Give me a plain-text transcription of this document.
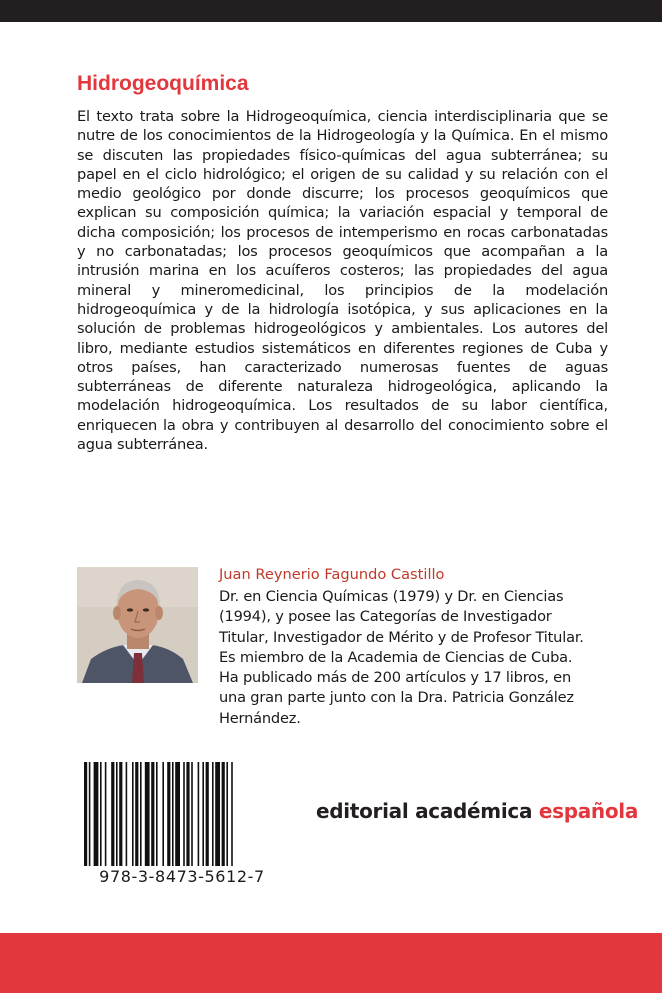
Hidrogeoquímica

El texto trata sobre la Hidrogeoquímica, ciencia interdisciplinaria que se nutre de los conocimientos de la Hidrogeología y la Química. En el mismo se discuten las propiedades físico-químicas del agua subterránea; su papel en el ciclo hidrológico; el origen de su calidad y su relación con el medio geológico por donde discurre; los procesos geoquímicos que explican su composición química; la variación espacial y temporal de dicha composición; los procesos de intemperismo en rocas carbonatadas y no carbonatadas; los procesos geoquímicos que acompañan a la intrusión marina en los acuíferos costeros; las propiedades del agua mineral y mineromedicinal, los principios de la modelación hidrogeoquímica y de la hidrología isotópica, y sus aplicaciones en la solución de problemas hidrogeológicos y ambientales. Los autores del libro, mediante estudios sistemáticos en diferentes regiones de Cuba y otros países, han caracterizado numerosas fuentes de aguas subterráneas de diferente naturaleza hidrogeológica, aplicando la modelación hidrogeoquímica. Los resultados de su labor científica, enriquecen la obra y contribuyen al desarrollo del conocimiento sobre el agua subterránea.

Juan Reynerio Fagundo Castillo
Dr. en Ciencia Químicas (1979) y Dr. en Ciencias
(1994), y posee las Categorías de Investigador
Titular, Investigador de Mérito y de Profesor Titular.
Es miembro de la Academia de Ciencias de Cuba.
Ha publicado más de 200 artículos y 17 libros, en
una gran parte junto con la Dra. Patricia González
Hernández.
978-3-8473-5612-7
editorial académica española
